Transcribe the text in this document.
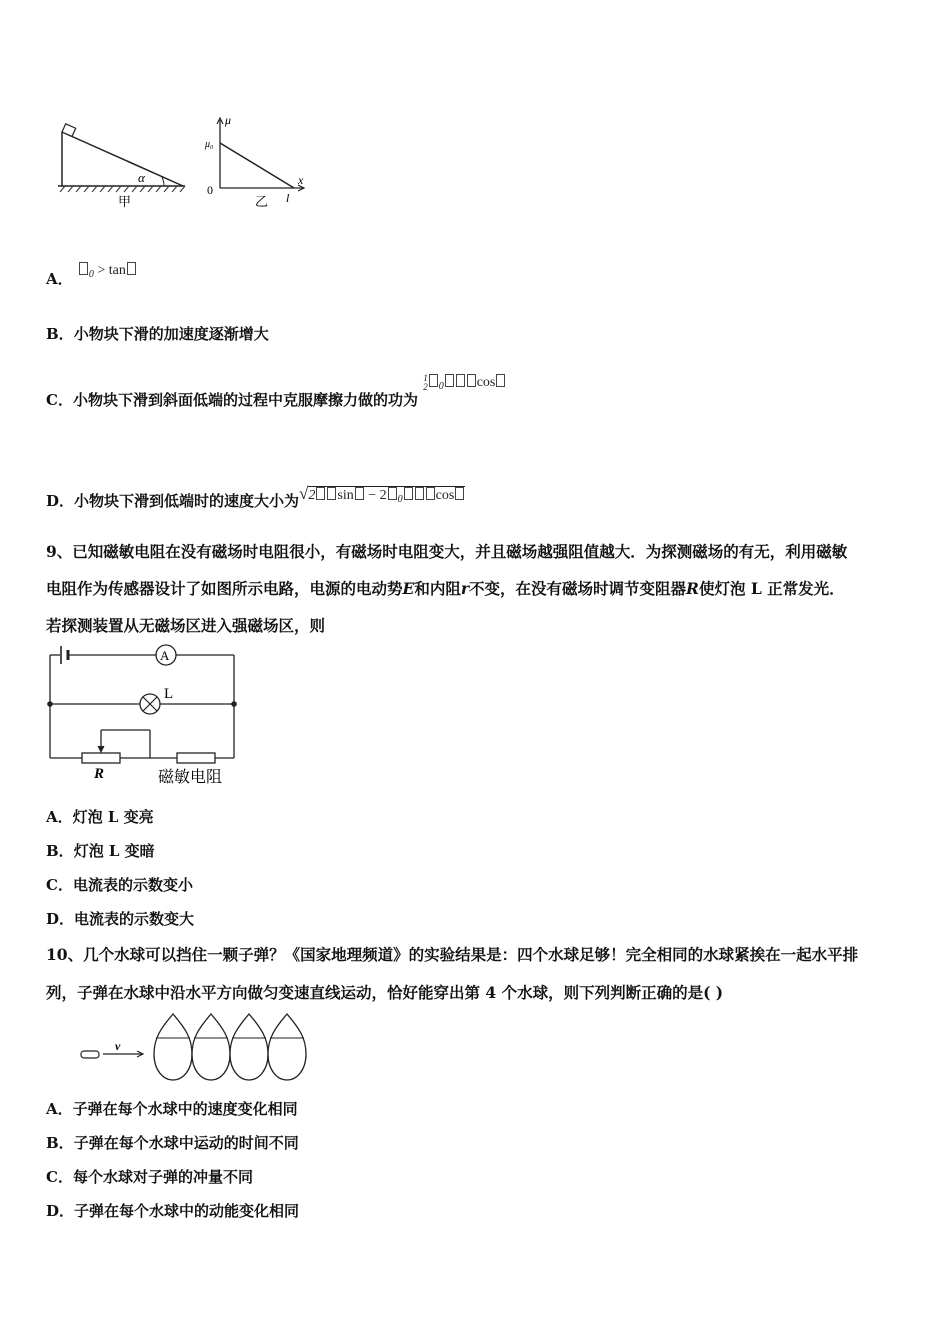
α
甲
μ
μ₀
0
x
l
乙
A． $_0$ > tan
B．小物块下滑的加速度逐渐增大
C．小物块下滑到斜面低端的过程中克服摩擦力做的功为 1
2 $_0$ cos
D．小物块下滑到低端时的速度大小为√2 sin − 2 $_0$ cos
9、已知磁敏电阻在没有磁场时电阻很小，有磁场时电阻变大，并且磁场越强阻值越大．为探测磁场的有无，利用磁敏
电阻作为传感器设计了如图所示电路，电源的电动势E和内阻r不变，在没有磁场时调节变阻器R使灯泡 L 正常发光．
若探测装置从无磁场区进入强磁场区，则
A
L
R	磁敏电阻
A．灯泡 L 变亮
B．灯泡 L 变暗
C．电流表的示数变小
D．电流表的示数变大
10、几个水球可以挡住一颗子弹？《国家地理频道》的实验结果是：四个水球足够！完全相同的水球紧挨在一起水平排
列，子弹在水球中沿水平方向做匀变速直线运动，恰好能穿出第 4 个水球，则下列判断正确的是( )
v
A．子弹在每个水球中的速度变化相同
B．子弹在每个水球中运动的时间不同
C．每个水球对子弹的冲量不同
D．子弹在每个水球中的动能变化相同
